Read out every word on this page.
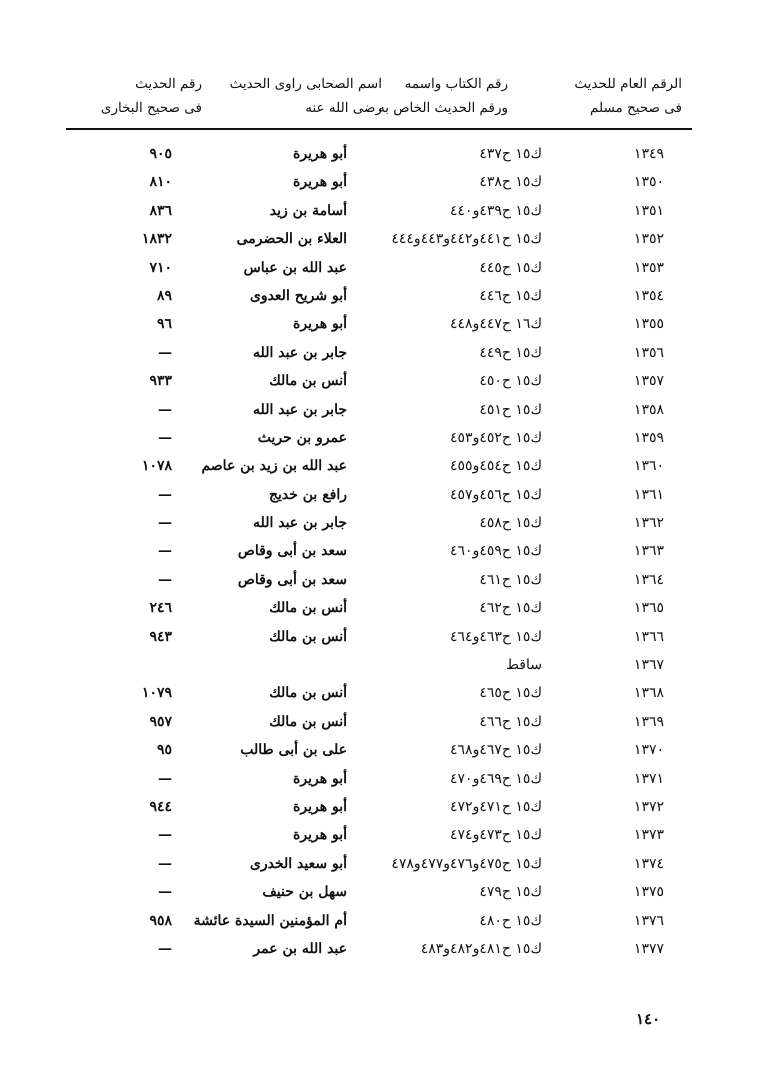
الرقم العام للحديث
فى صحيح مسلم
رقم الكتاب واسمه
ورقم الحديث الخاص به
اسم الصحابى راوى الحديث
رضى الله عنه
رقم الحديث
فى صحيح البخارى
١٣٤٩
ك١٥ ح٤٣٧
أبو هريرة
٩٠٥
١٣٥٠
ك١٥ ح٤٣٨
أبو هريرة
٨١٠
١٣٥١
ك١٥ ح٤٣٩و٤٤٠
أسامة بن زيد
٨٣٦
١٣٥٢
ك١٥ ح٤٤١و٤٤٢و٤٤٣و٤٤٤
العلاء بن الحضرمى
١٨٣٢
١٣٥٣
ك١٥ ح٤٤٥
عبد الله بن عباس
٧١٠
١٣٥٤
ك١٥ ح٤٤٦
أبو شريح العدوى
٨٩
١٣٥٥
ك١٦ ح٤٤٧و٤٤٨
أبو هريرة
٩٦
١٣٥٦
ك١٥ ح٤٤٩
جابر بن عبد الله
—
١٣٥٧
ك١٥ ح٤٥٠
أنس بن مالك
٩٣٣
١٣٥٨
ك١٥ ح٤٥١
جابر بن عبد الله
—
١٣٥٩
ك١٥ ح٤٥٢و٤٥٣
عمرو بن حريث
—
١٣٦٠
ك١٥ ح٤٥٤و٤٥٥
عبد الله بن زيد بن عاصم
١٠٧٨
١٣٦١
ك١٥ ح٤٥٦و٤٥٧
رافع بن خديج
—
١٣٦٢
ك١٥ ح٤٥٨
جابر بن عبد الله
—
١٣٦٣
ك١٥ ح٤٥٩و٤٦٠
سعد بن أبى وقاص
—
١٣٦٤
ك١٥ ح٤٦١
سعد بن أبى وقاص
—
١٣٦٥
ك١٥ ح٤٦٢
أنس بن مالك
٢٤٦
١٣٦٦
ك١٥ ح٤٦٣و٤٦٤
أنس بن مالك
٩٤٣
١٣٦٧
ساقط
١٣٦٨
ك١٥ ح٤٦٥
أنس بن مالك
١٠٧٩
١٣٦٩
ك١٥ ح٤٦٦
أنس بن مالك
٩٥٧
١٣٧٠
ك١٥ ح٤٦٧و٤٦٨
على بن أبى طالب
٩٥
١٣٧١
ك١٥ ح٤٦٩و٤٧٠
أبو هريرة
—
١٣٧٢
ك١٥ ح٤٧١و٤٧٢
أبو هريرة
٩٤٤
١٣٧٣
ك١٥ ح٤٧٣و٤٧٤
أبو هريرة
—
١٣٧٤
ك١٥ ح٤٧٥و٤٧٦و٤٧٧و٤٧٨
أبو سعيد الخدرى
—
١٣٧٥
ك١٥ ح٤٧٩
سهل بن حنيف
—
١٣٧٦
ك١٥ ح٤٨٠
أم المؤمنين السيدة عائشة
٩٥٨
١٣٧٧
ك١٥ ح٤٨١و٤٨٢و٤٨٣
عبد الله بن عمر
—
١٤٠
